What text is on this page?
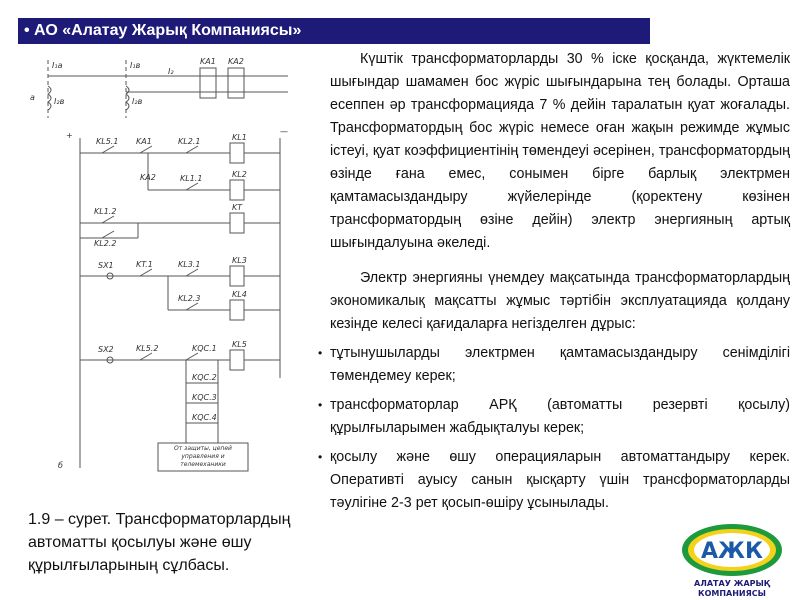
• АО «Алатау Жарық Компаниясы»
I₁а	I₁в
I₂в	I₂в
I₂
а
KA1 KA2
+	—
KL5.1 KA1	KL2.1	KL1
KA2	KL1.1	KL2
KL1.2
KL2.2
KT
SX1	KT.1	KL3.1	KL3
KL2.3	KL4
SX2	KL5.2	KQC.1 KL5
KQC.2
KQC.3
KQC.4
б
От защиты, цепей управления и телемеханики

Күштік трансформаторларды 30 % іске қосқанда, жүктемелік шығындар шамамен бос жүріс шығындарына тең болады. Орташа есеппен әр трансформацияда 7 % дейін таралатын қуат жоғалады. Трансформатордың бос жүріс немесе оған жақын режимде жұмыс істеуі, қуат коэффициентінің төмендеуі әсерінен, трансформатордың өзінде ғана емес, сонымен бірге барлық электрмен қамтамасыздандыру жүйелерінде (қоректену көзінен трансформатордың өзіне дейін) электр энергияның артық шығындалуына әкеледі.

Электр энергияны үнемдеу мақсатында трансформаторлардың экономикалық мақсатты жұмыс тәртібін эксплуатацияда қолдану кезінде келесі қағидаларға негізделген дұрыс:

• тұтынушыларды электрмен қамтамасыздандыру сенімділігі төмендемеу керек;
• трансформаторлар АРҚ (автоматты резервті қосылу) құрылғыларымен жабдықталуы керек;
• қосылу және өшу операцияларын автоматтандыру керек. Оперативті ауысу санын қысқарту үшін трансформаторларды тәулігіне 2-3 рет қосып-өшіру ұсынылады.
1.9 – сурет. Трансформаторлардың автоматты қосылуы және өшу құрылғыларының сұлбасы.
АЖК
АЛАТАУ ЖАРЫҚ
КОМПАНИЯСЫ
